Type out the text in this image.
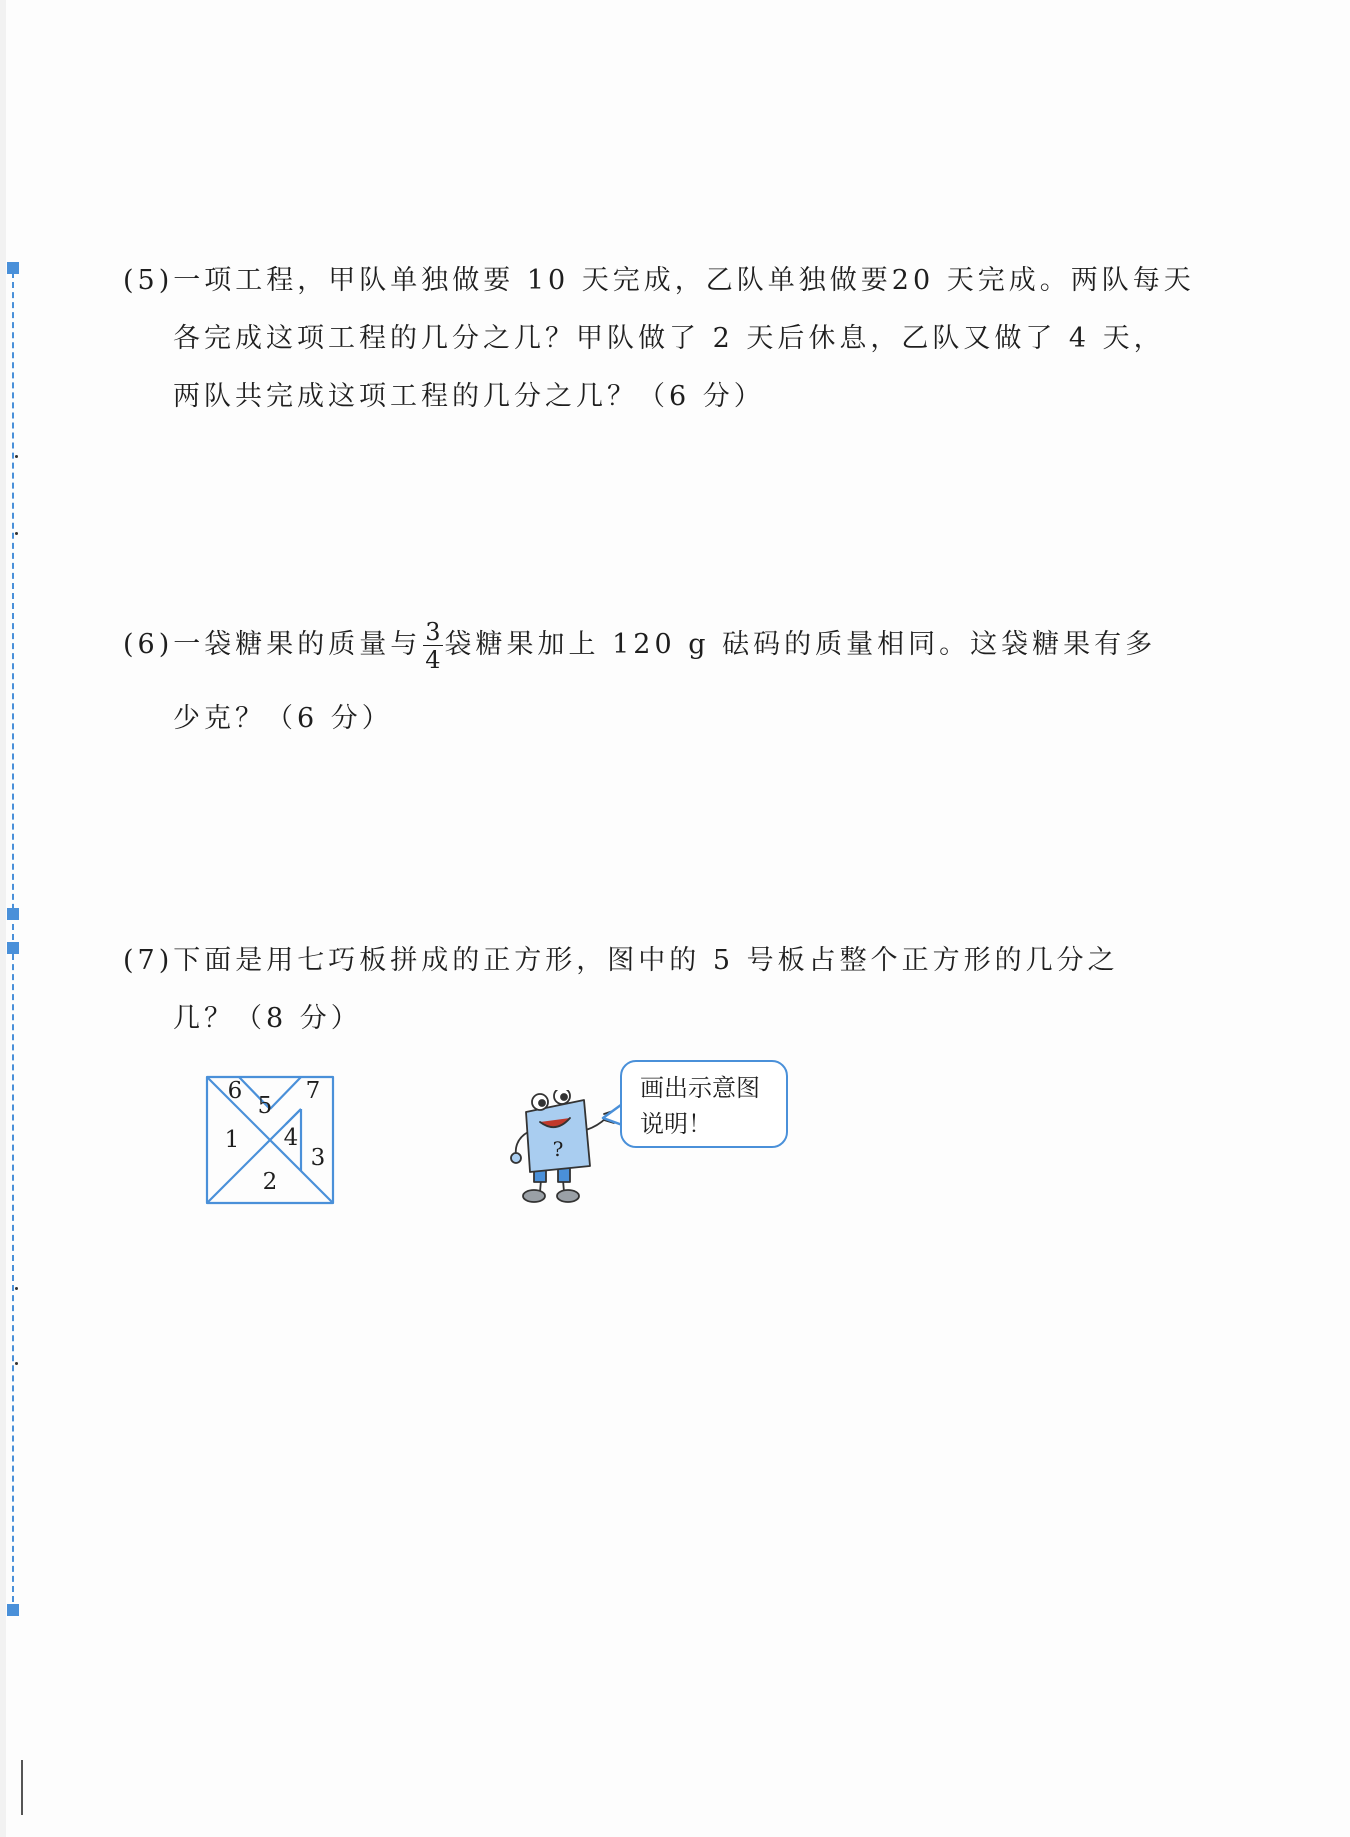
(5)一项工程，甲队单独做要 10 天完成，乙队单独做要20 天完成。两队每天
各完成这项工程的几分之几？甲队做了 2 天后休息，乙队又做了 4 天，
两队共完成这项工程的几分之几？（6 分）
(6)一袋糖果的质量与 $\frac{3}{4}$ 袋糖果加上 120 g 砝码的质量相同。这袋糖果有多
少克？（6 分）
(7)下面是用七巧板拼成的正方形，图中的 5 号板占整个正方形的几分之
几？（8 分）
6
5
7
1 4
3
2
?
画出示意图
说明！
